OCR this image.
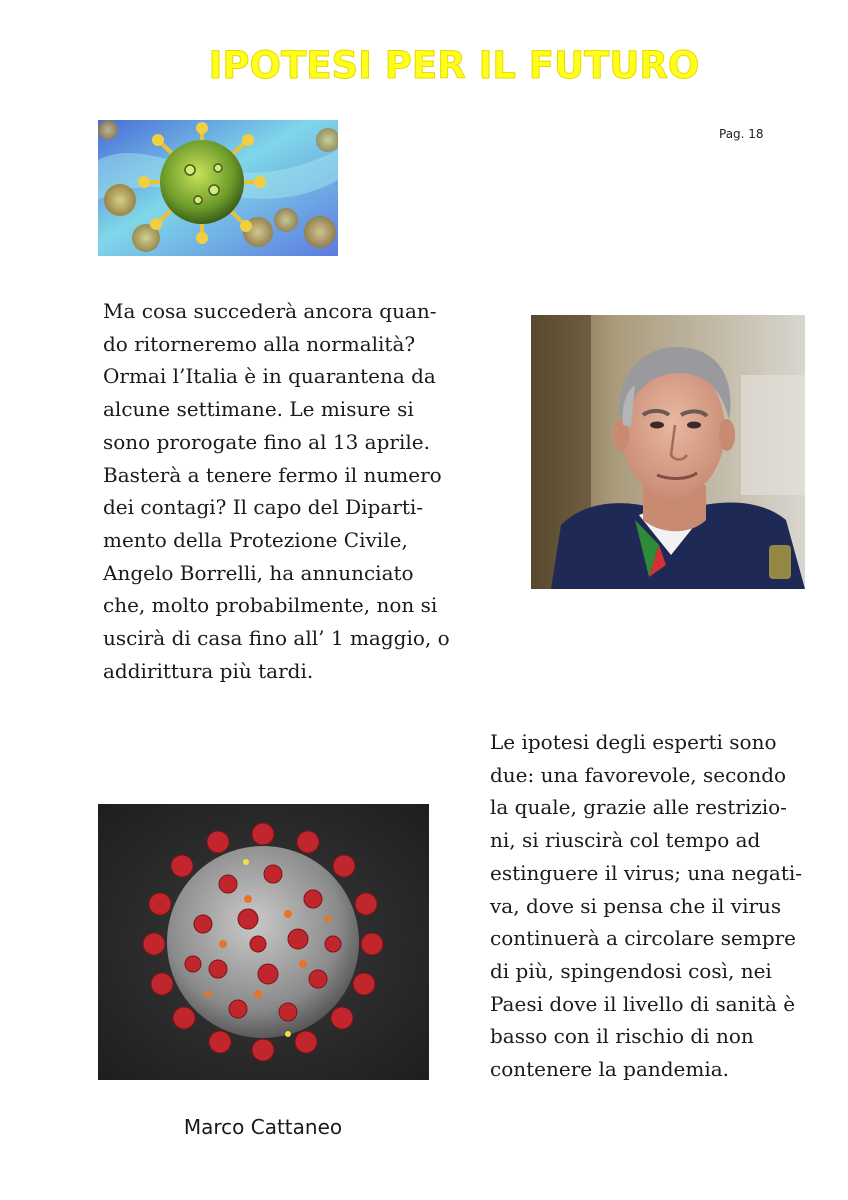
IPOTESI PER IL FUTURO
Pag. 18
Ma cosa succederà ancora quan-
do ritorneremo alla normalità?
Ormai l’Italia è in quarantena da
alcune settimane. Le misure si
sono prorogate fino al 13 aprile.
Basterà a tenere fermo il numero
dei contagi? Il capo del Diparti-
mento della Protezione Civile,
Angelo Borrelli, ha annunciato
che, molto probabilmente, non si
uscirà di casa fino all’ 1 maggio, o
addirittura più tardi.
Le ipotesi degli esperti sono
due: una favorevole, secondo
la quale, grazie alle restrizio-
ni, si riuscirà col tempo ad
estinguere il virus; una negati-
va, dove si pensa che il virus
continuerà a circolare sempre
di più, spingendosi così, nei
Paesi dove il livello di sanità è
basso con il rischio di non
contenere la pandemia.
Marco Cattaneo
